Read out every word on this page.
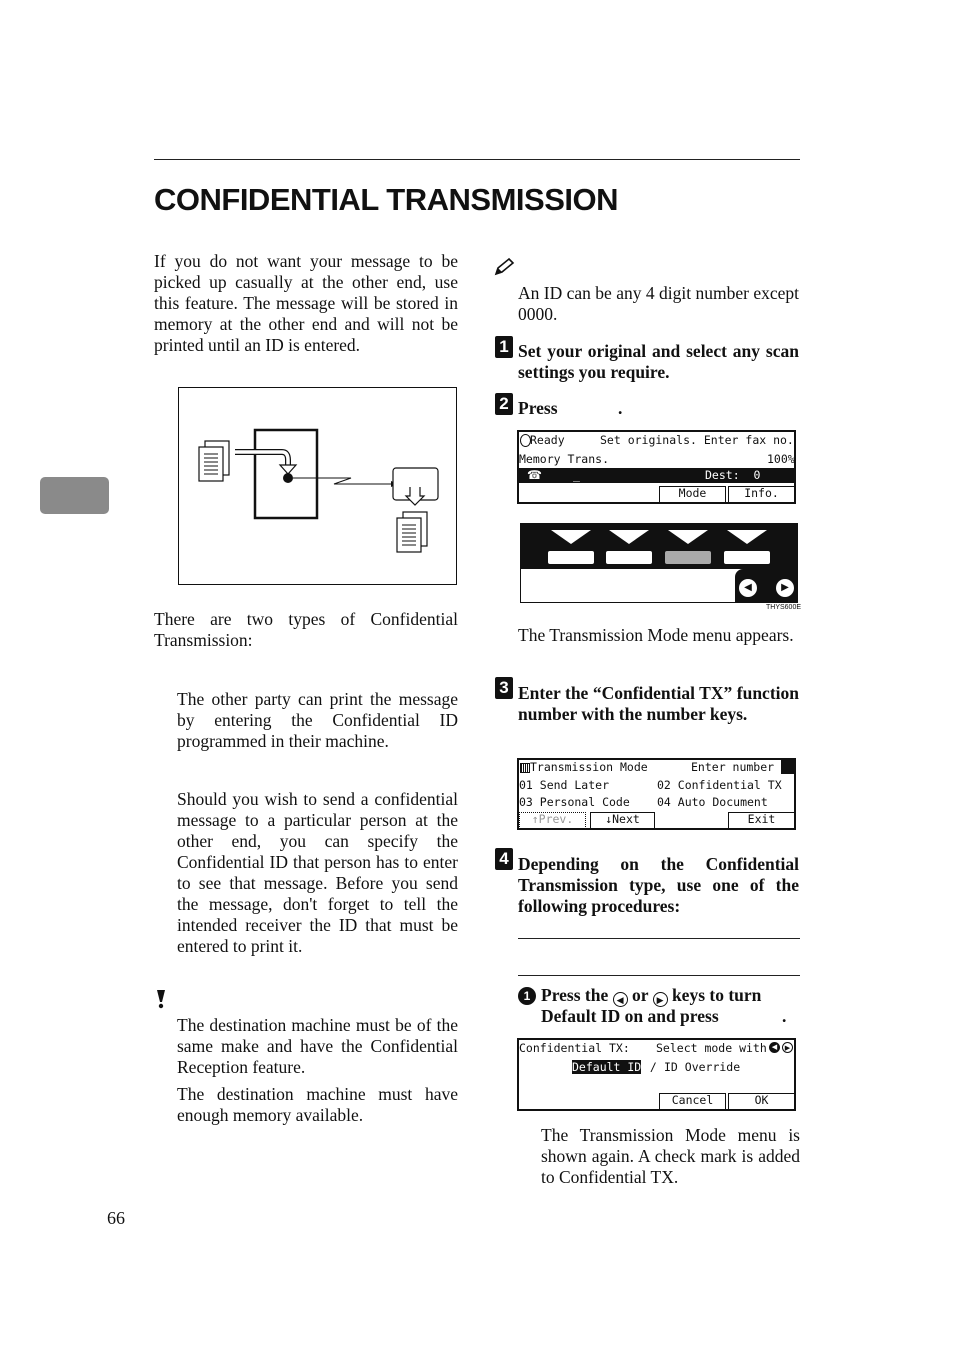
CONFIDENTIAL TRANSMISSION
If you do not want your message to be picked up casually at the other end, use this feature. The message will be stored in memory at the other end and will not be printed until an ID is entered.
There are two types of Confidential Transmission:
The other party can print the message by entering the Confidential ID programmed in their machine.
Should you wish to send a confidential message to a particular person at the other end, you can specify the Confidential ID that person has to enter to see that message. Before you send the message, don't forget to tell the intended receiver the ID that must be entered to print it.
The destination machine must be of the same make and have the Confidential Reception feature.
The destination machine must have enough memory available.
66
An ID can be any 4 digit number except 0000.
1 Set your original and select any scan settings you require.
2 Press	.
Ready	Set originals. Enter fax no.
Memory Trans.	100%
☎	_	Dest:  0
Mode	Info.
◀	▶
THYS600E
The Transmission Mode menu appears.
3 Enter the “Confidential TX” function number with the number keys.
Transmission Mode	Enter number
01 Send Later	02 Confidential TX
03 Personal Code 04 Auto Document
↑Prev.	↓Next	Exit
4 Depending on the Confidential Transmission type, use one of the following procedures:
1 Press the ◀ or ▶ keys to turn
Default ID on and press	.
Confidential TX: Select mode with ◀	▶
Default ID / ID Override
Cancel	OK
The Transmission Mode menu is shown again. A check mark is added to Confidential TX.
